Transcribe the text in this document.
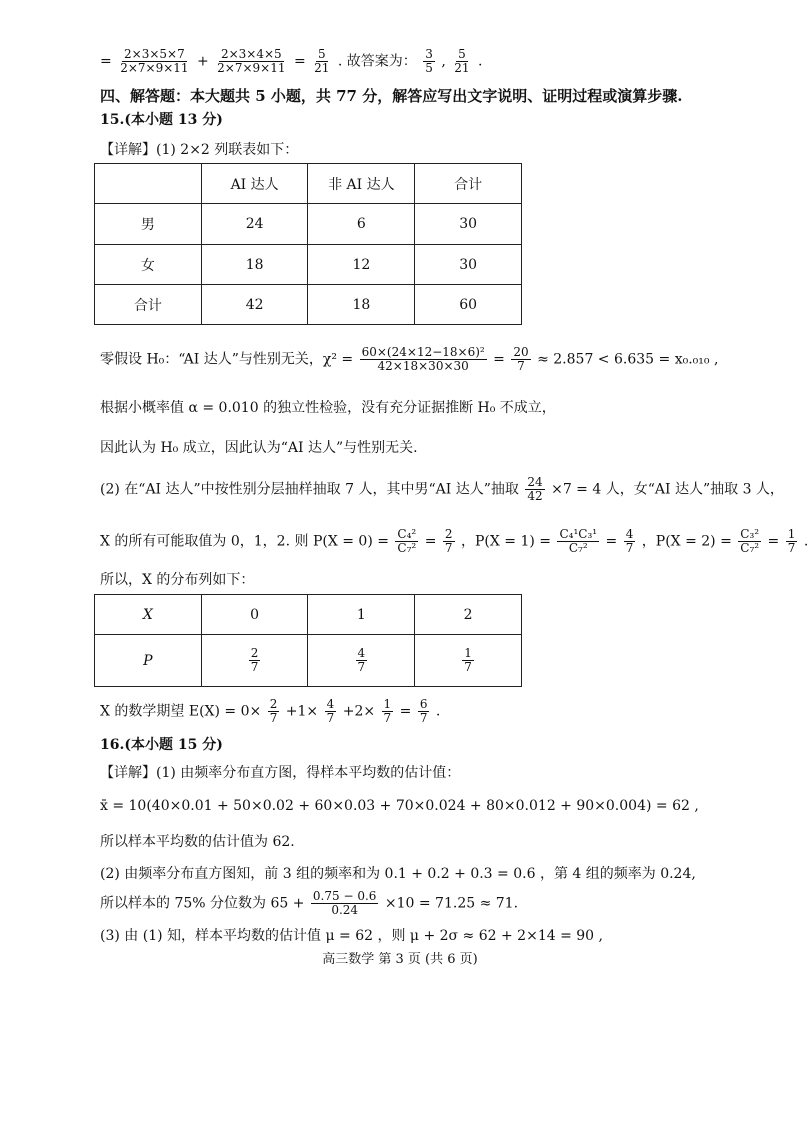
= $\frac{2\times 3\times 5\times 7}{2\times 7\times 9\times 11} + \frac{2\times 3\times 4\times 5}{2\times 7\times 9\times 11} = \frac{5}{21}$ . 故答案为： $\frac{3}{5}$ , $\frac{5}{21}$ .
四、解答题：本大题共 5 小题，共 77 分，解答应写出文字说明、证明过程或演算步骤.
15.(本小题 13 分)
【详解】(1) 2×2 列联表如下：
	AI 达人	非 AI 达人	合计
男	24	6	30
女	18	12	30
合计	42	18	60
零假设 H₀：“AI 达人”与性别无关，$\chi^2 = \frac{\text{60×(24×12−18×6)²}}{42\times 18\times 30\times 30} = \frac{20}{7} \approx 2.857 < 6.635 = x_0._{010}$ ,
根据小概率值 α = 0.010 的独立性检验，没有充分证据推断 H₀ 不成立，
因此认为 H₀ 成立，因此认为“AI 达人”与性别无关.
(2) 在“AI 达人”中按性别分层抽样抽取 7 人，其中男“AI 达人”抽取 $\frac{24}{42} \times 7 = 4$ 人，女“AI 达人”抽取 3 人，
X 的所有可能取值为 0，1，2. 则 $P(X = 0) = \frac{\text{C₄²}}{\text{C₇²}} = \frac{2}{7}$ ，$P(X = 1) = \frac{\text{C₄¹C₃¹}}{\text{C₇²}} = \frac{4}{7}$ ，$P(X = 2) = \frac{\text{C₃²}}{\text{C₇²}} = \frac{1}{7}$ .
所以，X 的分布列如下：
X	0	1	2
P	$\frac{2}{7}$	$\frac{4}{7}$	$\frac{1}{7}$
X 的数学期望 $E(X) = 0\times \frac{2}{7} +1\times \frac{4}{7} +2\times \frac{1}{7} = \frac{6}{7}$ .
16.(本小题 15 分)
【详解】(1) 由频率分布直方图，得样本平均数的估计值：
x̄ = 10(40×0.01 + 50×0.02 + 60×0.03 + 70×0.024 + 80×0.012 + 90×0.004) = 62 ,
所以样本平均数的估计值为 62.
(2) 由频率分布直方图知，前 3 组的频率和为 0.1 + 0.2 + 0.3 = 0.6 ，第 4 组的频率为 0.24,
所以样本的 75% 分位数为 $65 + \frac{0.75 - 0.6}{0.24} \times 10 = 71.25 \approx 71$.
(3) 由 (1) 知，样本平均数的估计值 μ = 62 ，则 μ + 2σ ≈ 62 + 2×14 = 90 ,
高三数学 第 3 页 (共 6 页)
